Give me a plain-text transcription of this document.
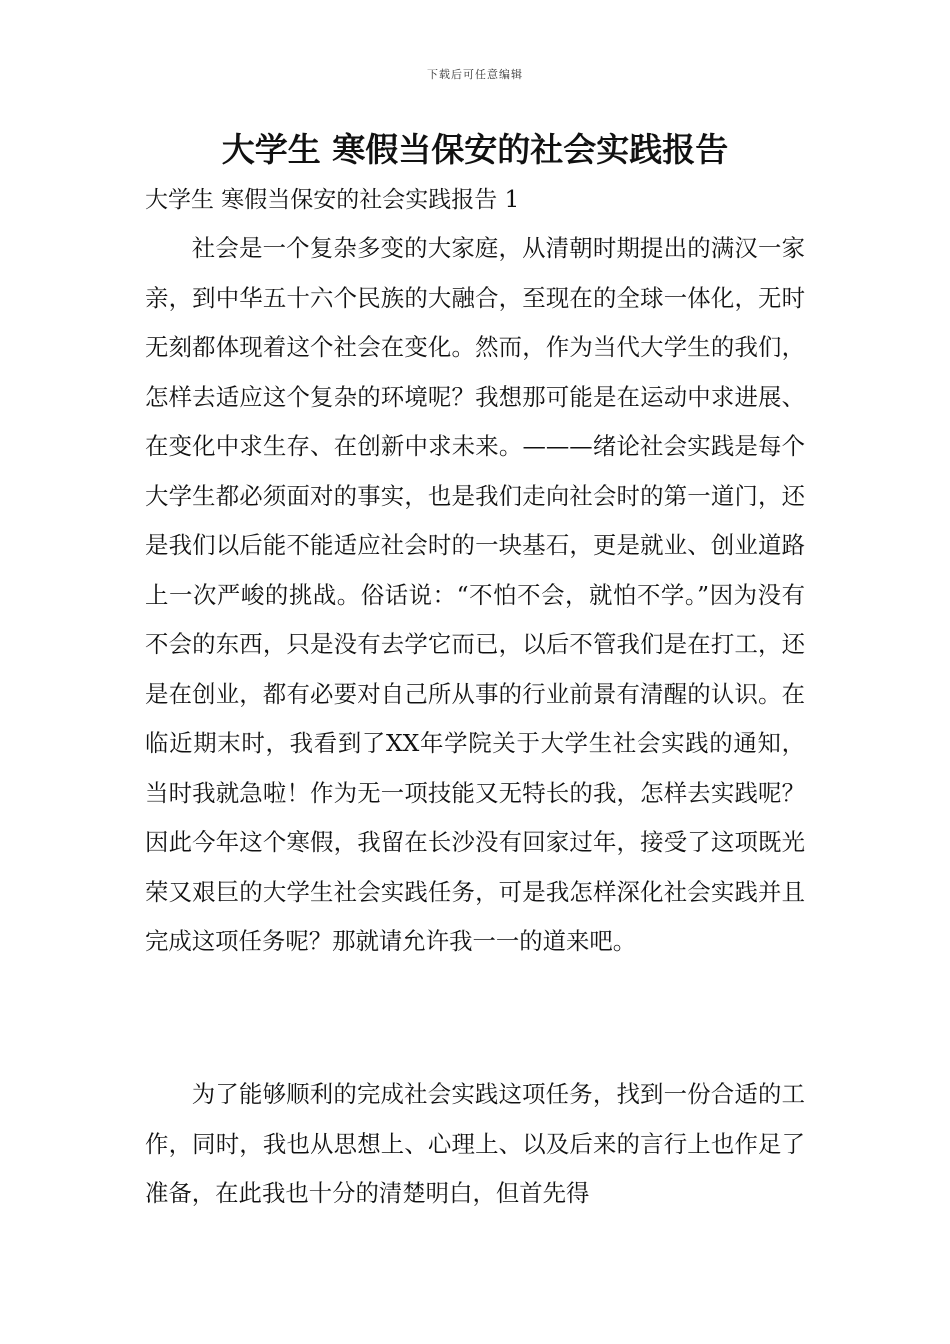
下载后可任意编辑
大学生 寒假当保安的社会实践报告
大学生 寒假当保安的社会实践报告 1

社会是一个复杂多变的大家庭，从清朝时期提出的满汉一家亲，到中华五十六个民族的大融合，至现在的全球一体化，无时无刻都体现着这个社会在变化。然而，作为当代大学生的我们，怎样去适应这个复杂的环境呢？我想那可能是在运动中求进展、在变化中求生存、在创新中求未来。———绪论社会实践是每个大学生都必须面对的事实，也是我们走向社会时的第一道门，还是我们以后能不能适应社会时的一块基石，更是就业、创业道路上一次严峻的挑战。俗话说：“不怕不会，就怕不学。”因为没有不会的东西，只是没有去学它而已，以后不管我们是在打工，还是在创业，都有必要对自己所从事的行业前景有清醒的认识。在临近期末时，我看到了XX年学院关于大学生社会实践的通知，当时我就急啦！作为无一项技能又无特长的我，怎样去实践呢？因此今年这个寒假，我留在长沙没有回家过年，接受了这项既光荣又艰巨的大学生社会实践任务，可是我怎样深化社会实践并且完成这项任务呢？那就请允许我一一的道来吧。

为了能够顺利的完成社会实践这项任务，找到一份合适的工作，同时，我也从思想上、心理上、以及后来的言行上也作足了准备，在此我也十分的清楚明白，但首先得
